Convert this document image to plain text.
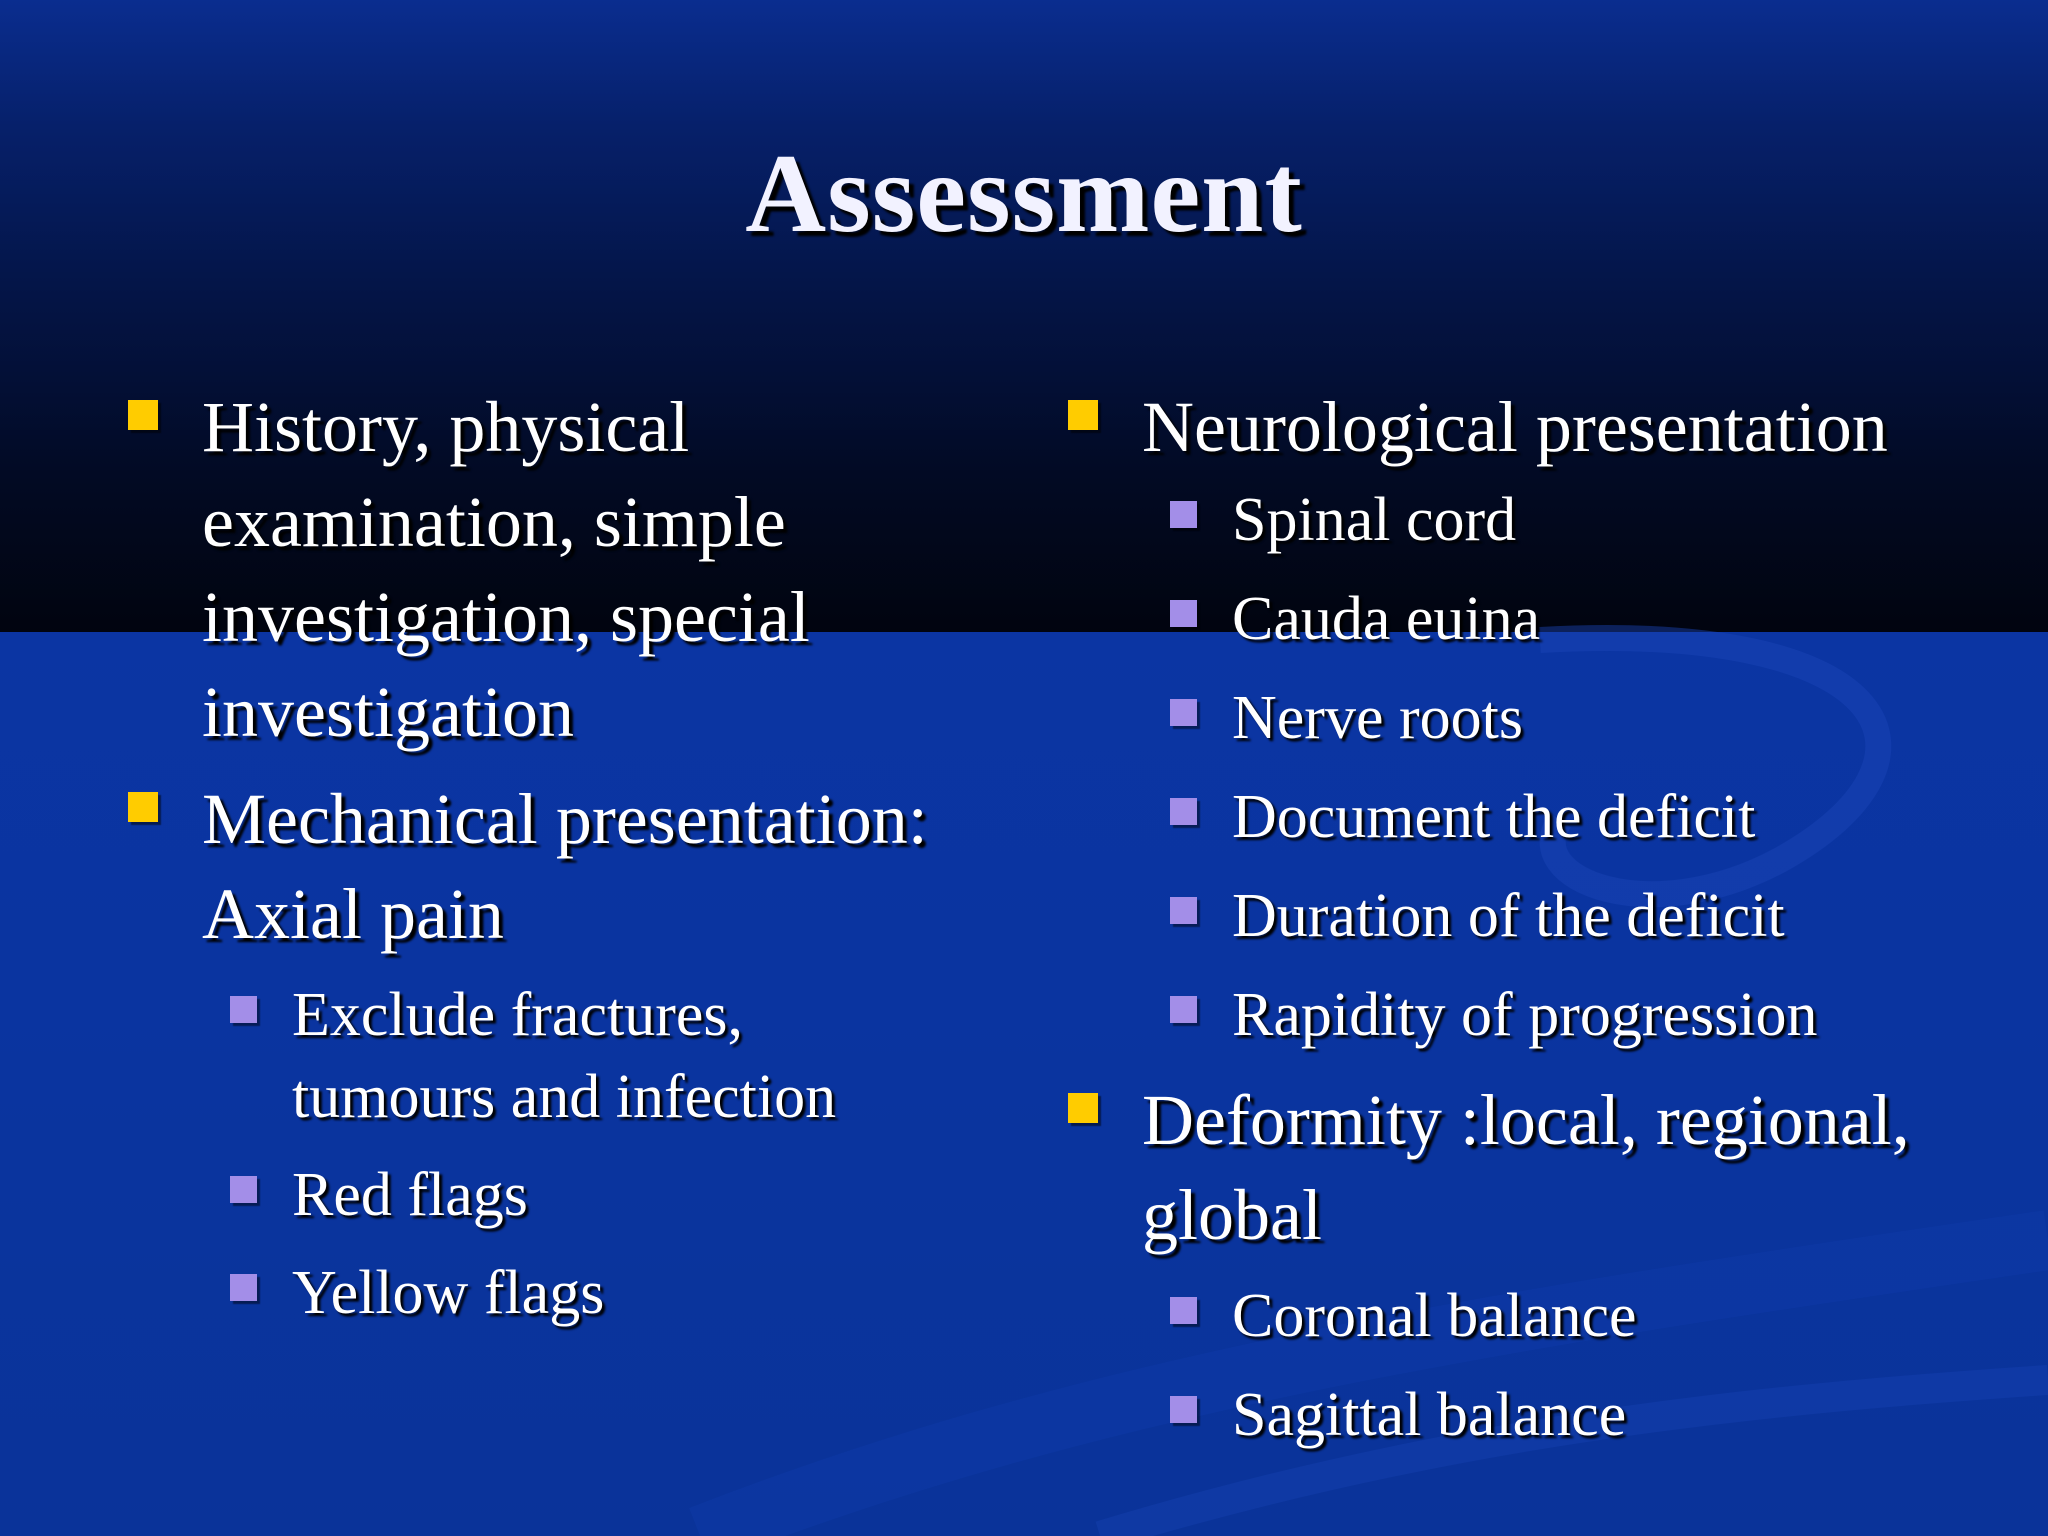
Assessment
History, physical
examination, simple
investigation, special
investigation
Mechanical presentation:
Axial pain
Exclude fractures,
tumours and infection
Red flags
Yellow flags
Neurological presentation
Spinal cord
Cauda euina
Nerve roots
Document the deficit
Duration of the deficit
Rapidity of progression
Deformity :local, regional,
global
Coronal balance
Sagittal balance
